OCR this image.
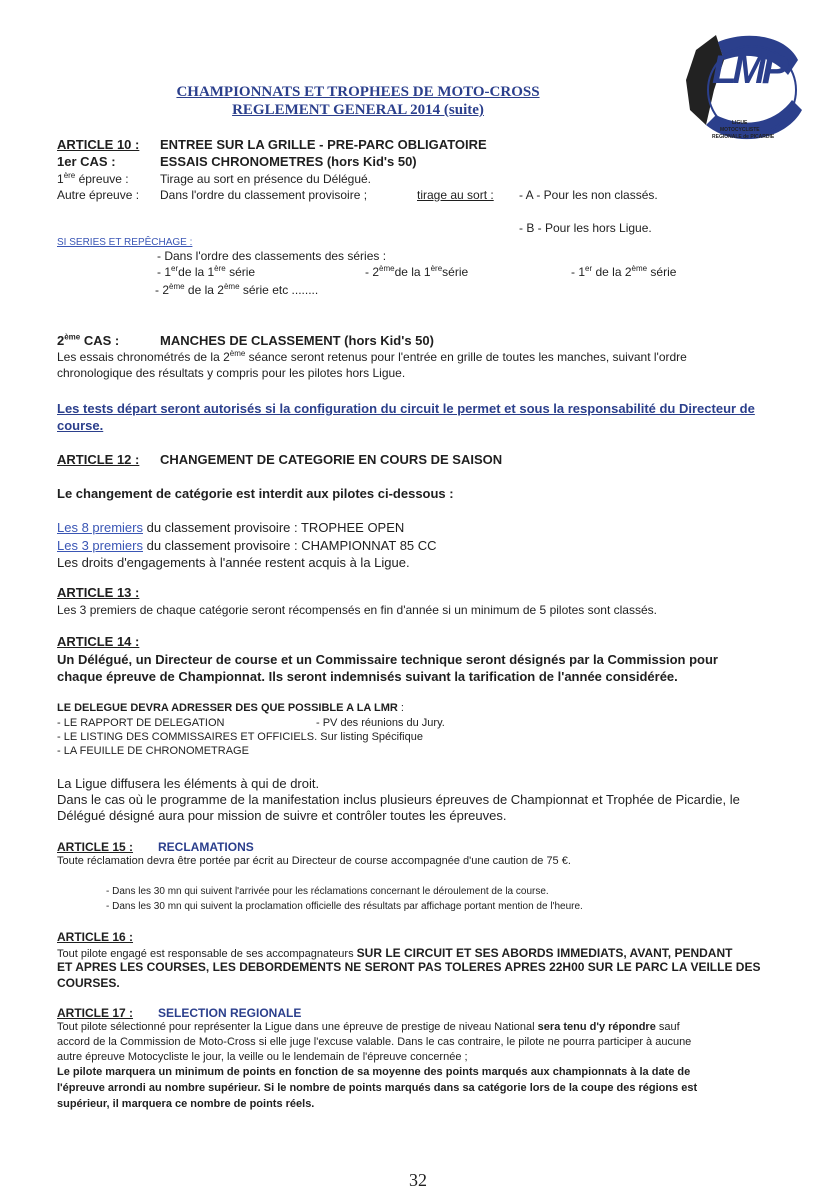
CHAMPIONNATS ET TROPHEES DE MOTO-CROSS
REGLEMENT GENERAL 2014 (suite)
LMP
LIGUE
MOTOCYCLISTE
REGIONALE de PICARDIE
ARTICLE 10 : ENTREE SUR LA GRILLE - PRE-PARC OBLIGATOIRE
1er CAS :	ESSAIS CHRONOMETRES (hors Kid's 50)
1ère épreuve :	Tirage au sort en présence du Délégué.
Autre épreuve : Dans l'ordre du classement provisoire ;	tirage au sort : - A - Pour les non classés.
- B - Pour les hors Ligue.
SI SERIES ET REPÊCHAGE :
- Dans l'ordre des classements des séries :
- 1erde la 1ère série	- 2èmede la 1èresérie	- 1er de la 2ème série
- 2ème de la 2ème série etc ........
2ème CAS :	MANCHES DE CLASSEMENT (hors Kid's 50)
Les essais chronométrés de la 2ème séance seront retenus pour l'entrée en grille de toutes les manches, suivant l'ordre
chronologique des résultats y compris pour les pilotes hors Ligue.
Les tests départ seront autorisés si la configuration du circuit le permet et sous la responsabilité du Directeur de
course.
ARTICLE 12 : CHANGEMENT DE CATEGORIE EN COURS DE SAISON
Le changement de catégorie est interdit aux pilotes ci-dessous :
Les 8 premiers du classement provisoire : TROPHEE OPEN
Les 3 premiers du classement provisoire : CHAMPIONNAT 85 CC
Les droits d'engagements à l'année restent acquis à la Ligue.
ARTICLE 13 :
Les 3 premiers de chaque catégorie seront récompensés en fin d'année si un minimum de 5 pilotes sont classés.
ARTICLE 14 :
Un Délégué, un Directeur de course et un Commissaire technique seront désignés par la Commission pour
chaque épreuve de Championnat. Ils seront indemnisés suivant la tarification de l'année considérée.
LE DELEGUE DEVRA ADRESSER DES QUE POSSIBLE A LA LMR :
- LE RAPPORT DE DELEGATION	- PV des réunions du Jury.
- LE LISTING DES COMMISSAIRES ET OFFICIELS. Sur listing Spécifique
- LA FEUILLE DE CHRONOMETRAGE
La Ligue diffusera les éléments à qui de droit.
Dans le cas où le programme de la manifestation inclus plusieurs épreuves de Championnat et Trophée de Picardie, le
Délégué désigné aura pour mission de suivre et contrôler toutes les épreuves.
ARTICLE 15 : RECLAMATIONS
Toute réclamation devra être portée par écrit au Directeur de course accompagnée d'une caution de 75 €.
- Dans les 30 mn qui suivent l'arrivée pour les réclamations concernant le déroulement de la course.
- Dans les 30 mn qui suivent la proclamation officielle des résultats par affichage portant mention de l'heure.
ARTICLE 16 :
Tout pilote engagé est responsable de ses accompagnateurs SUR LE CIRCUIT ET SES ABORDS IMMEDIATS, AVANT, PENDANT
ET APRES LES COURSES, LES DEBORDEMENTS NE SERONT PAS TOLERES APRES 22H00 SUR LE PARC LA VEILLE DES
COURSES.
ARTICLE 17 : SELECTION REGIONALE
Tout pilote sélectionné pour représenter la Ligue dans une épreuve de prestige de niveau National sera tenu d'y répondre sauf
accord de la Commission de Moto-Cross si elle juge l'excuse valable. Dans le cas contraire, le pilote ne pourra participer à aucune
autre épreuve Motocycliste le jour, la veille ou le lendemain de l'épreuve concernée ;
Le pilote marquera un minimum de points en fonction de sa moyenne des points marqués aux championnats à la date de
l'épreuve arrondi au nombre supérieur. Si le nombre de points marqués dans sa catégorie lors de la coupe des régions est
supérieur, il marquera ce nombre de points réels.
32
